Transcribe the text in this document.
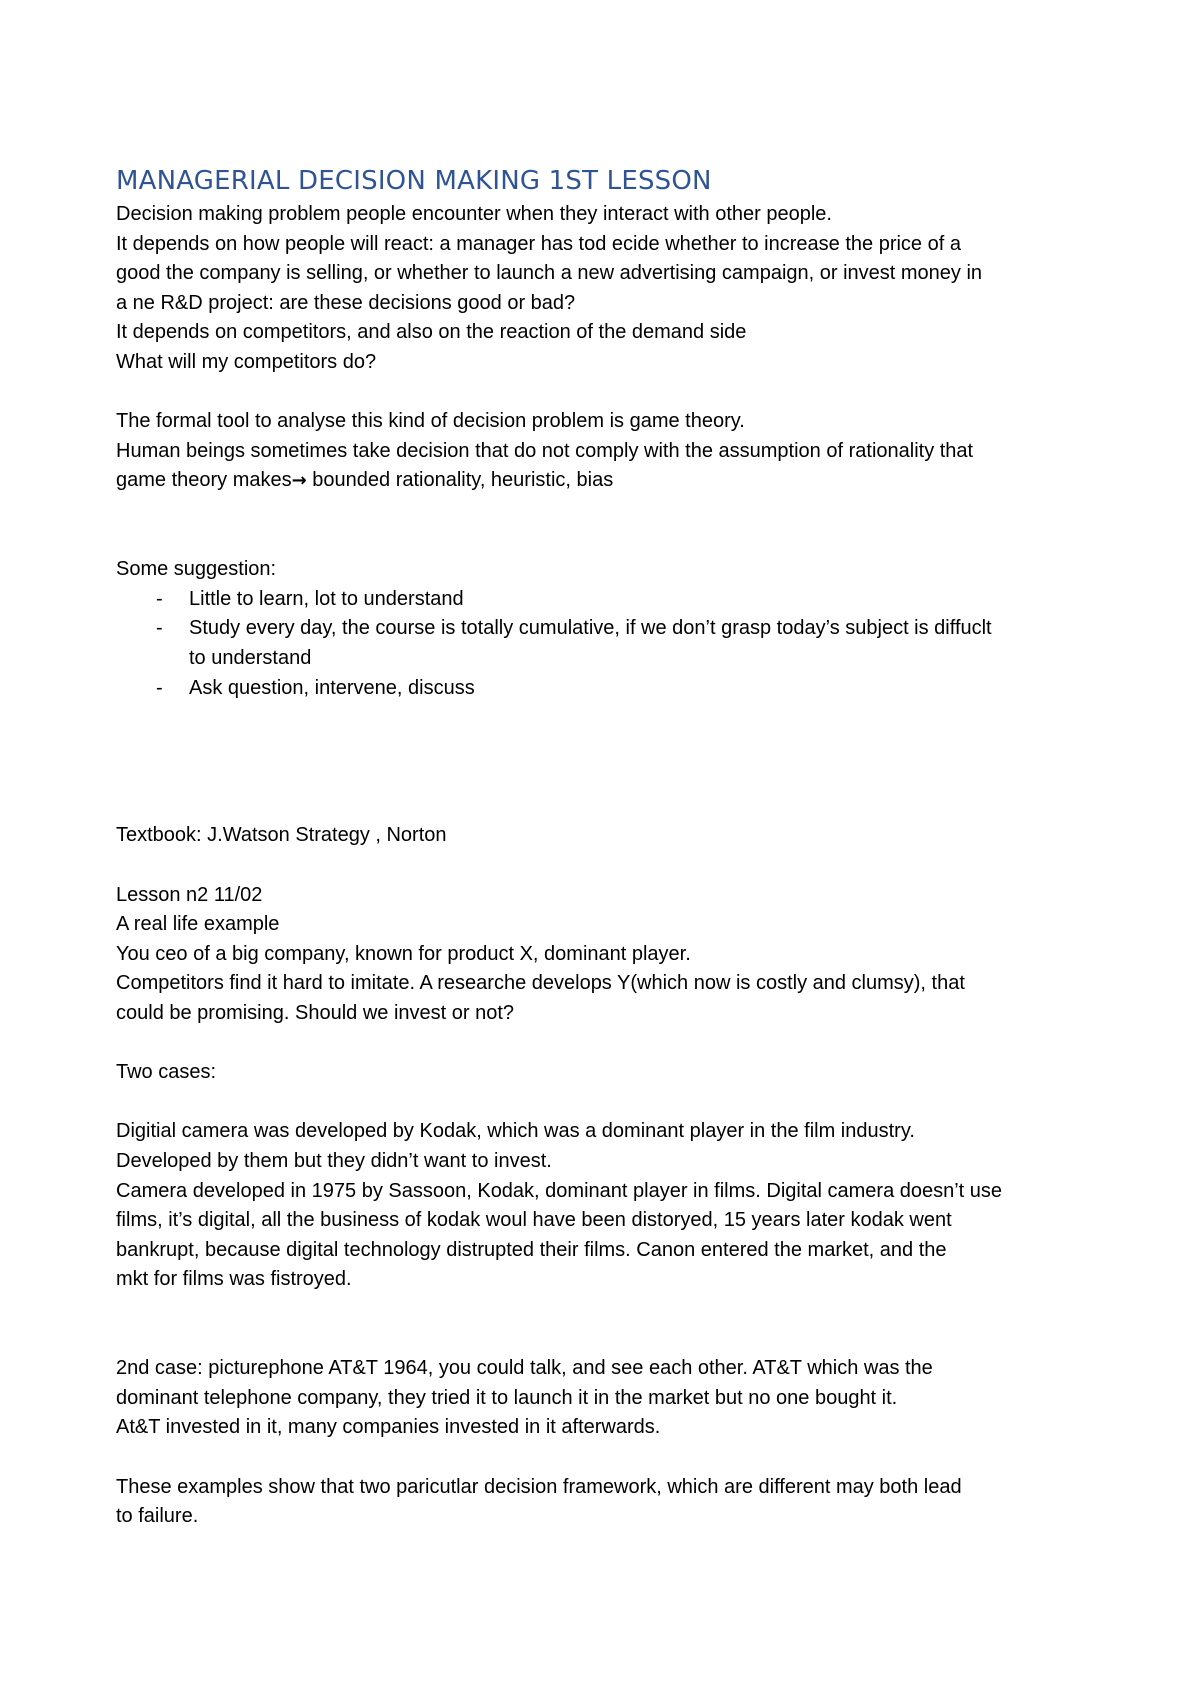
MANAGERIAL DECISION MAKING 1ST LESSON

Decision making problem people encounter when they interact with other people.

It depends on how people will react: a manager has tod ecide whether to increase the price of a

good the company is selling, or whether to launch a new advertising campaign, or invest money in

a ne R&D project: are these decisions good or bad?

It depends on competitors, and also on the reaction of the demand side

What will my competitors do?

The formal tool to analyse this kind of decision problem is game theory.

Human beings sometimes take decision that do not comply with the assumption of rationality that

game theory makes→ bounded rationality, heuristic, bias

Some suggestion:

- Little to learn, lot to understand
- Study every day, the course is totally cumulative, if we don’t grasp today’s subject is diffuclt
to understand
- Ask question, intervene, discuss

Textbook: J.Watson Strategy , Norton

Lesson n2 11/02

A real life example

You ceo of a big company, known for product X, dominant player.

Competitors find it hard to imitate. A researche develops Y(which now is costly and clumsy), that

could be promising. Should we invest or not?

Two cases:

Digitial camera was developed by Kodak, which was a dominant player in the film industry.

Developed by them but they didn’t want to invest.

Camera developed in 1975 by Sassoon, Kodak, dominant player in films. Digital camera doesn’t use

films, it’s digital, all the business of kodak woul have been distoryed, 15 years later kodak went

bankrupt, because digital technology distrupted their films. Canon entered the market, and the

mkt for films was fistroyed.

2nd case: picturephone AT&T 1964, you could talk, and see each other. AT&T which was the

dominant telephone company, they tried it to launch it in the market but no one bought it.

At&T invested in it, many companies invested in it afterwards.

These examples show that two paricutlar decision framework, which are different may both lead

to failure.
